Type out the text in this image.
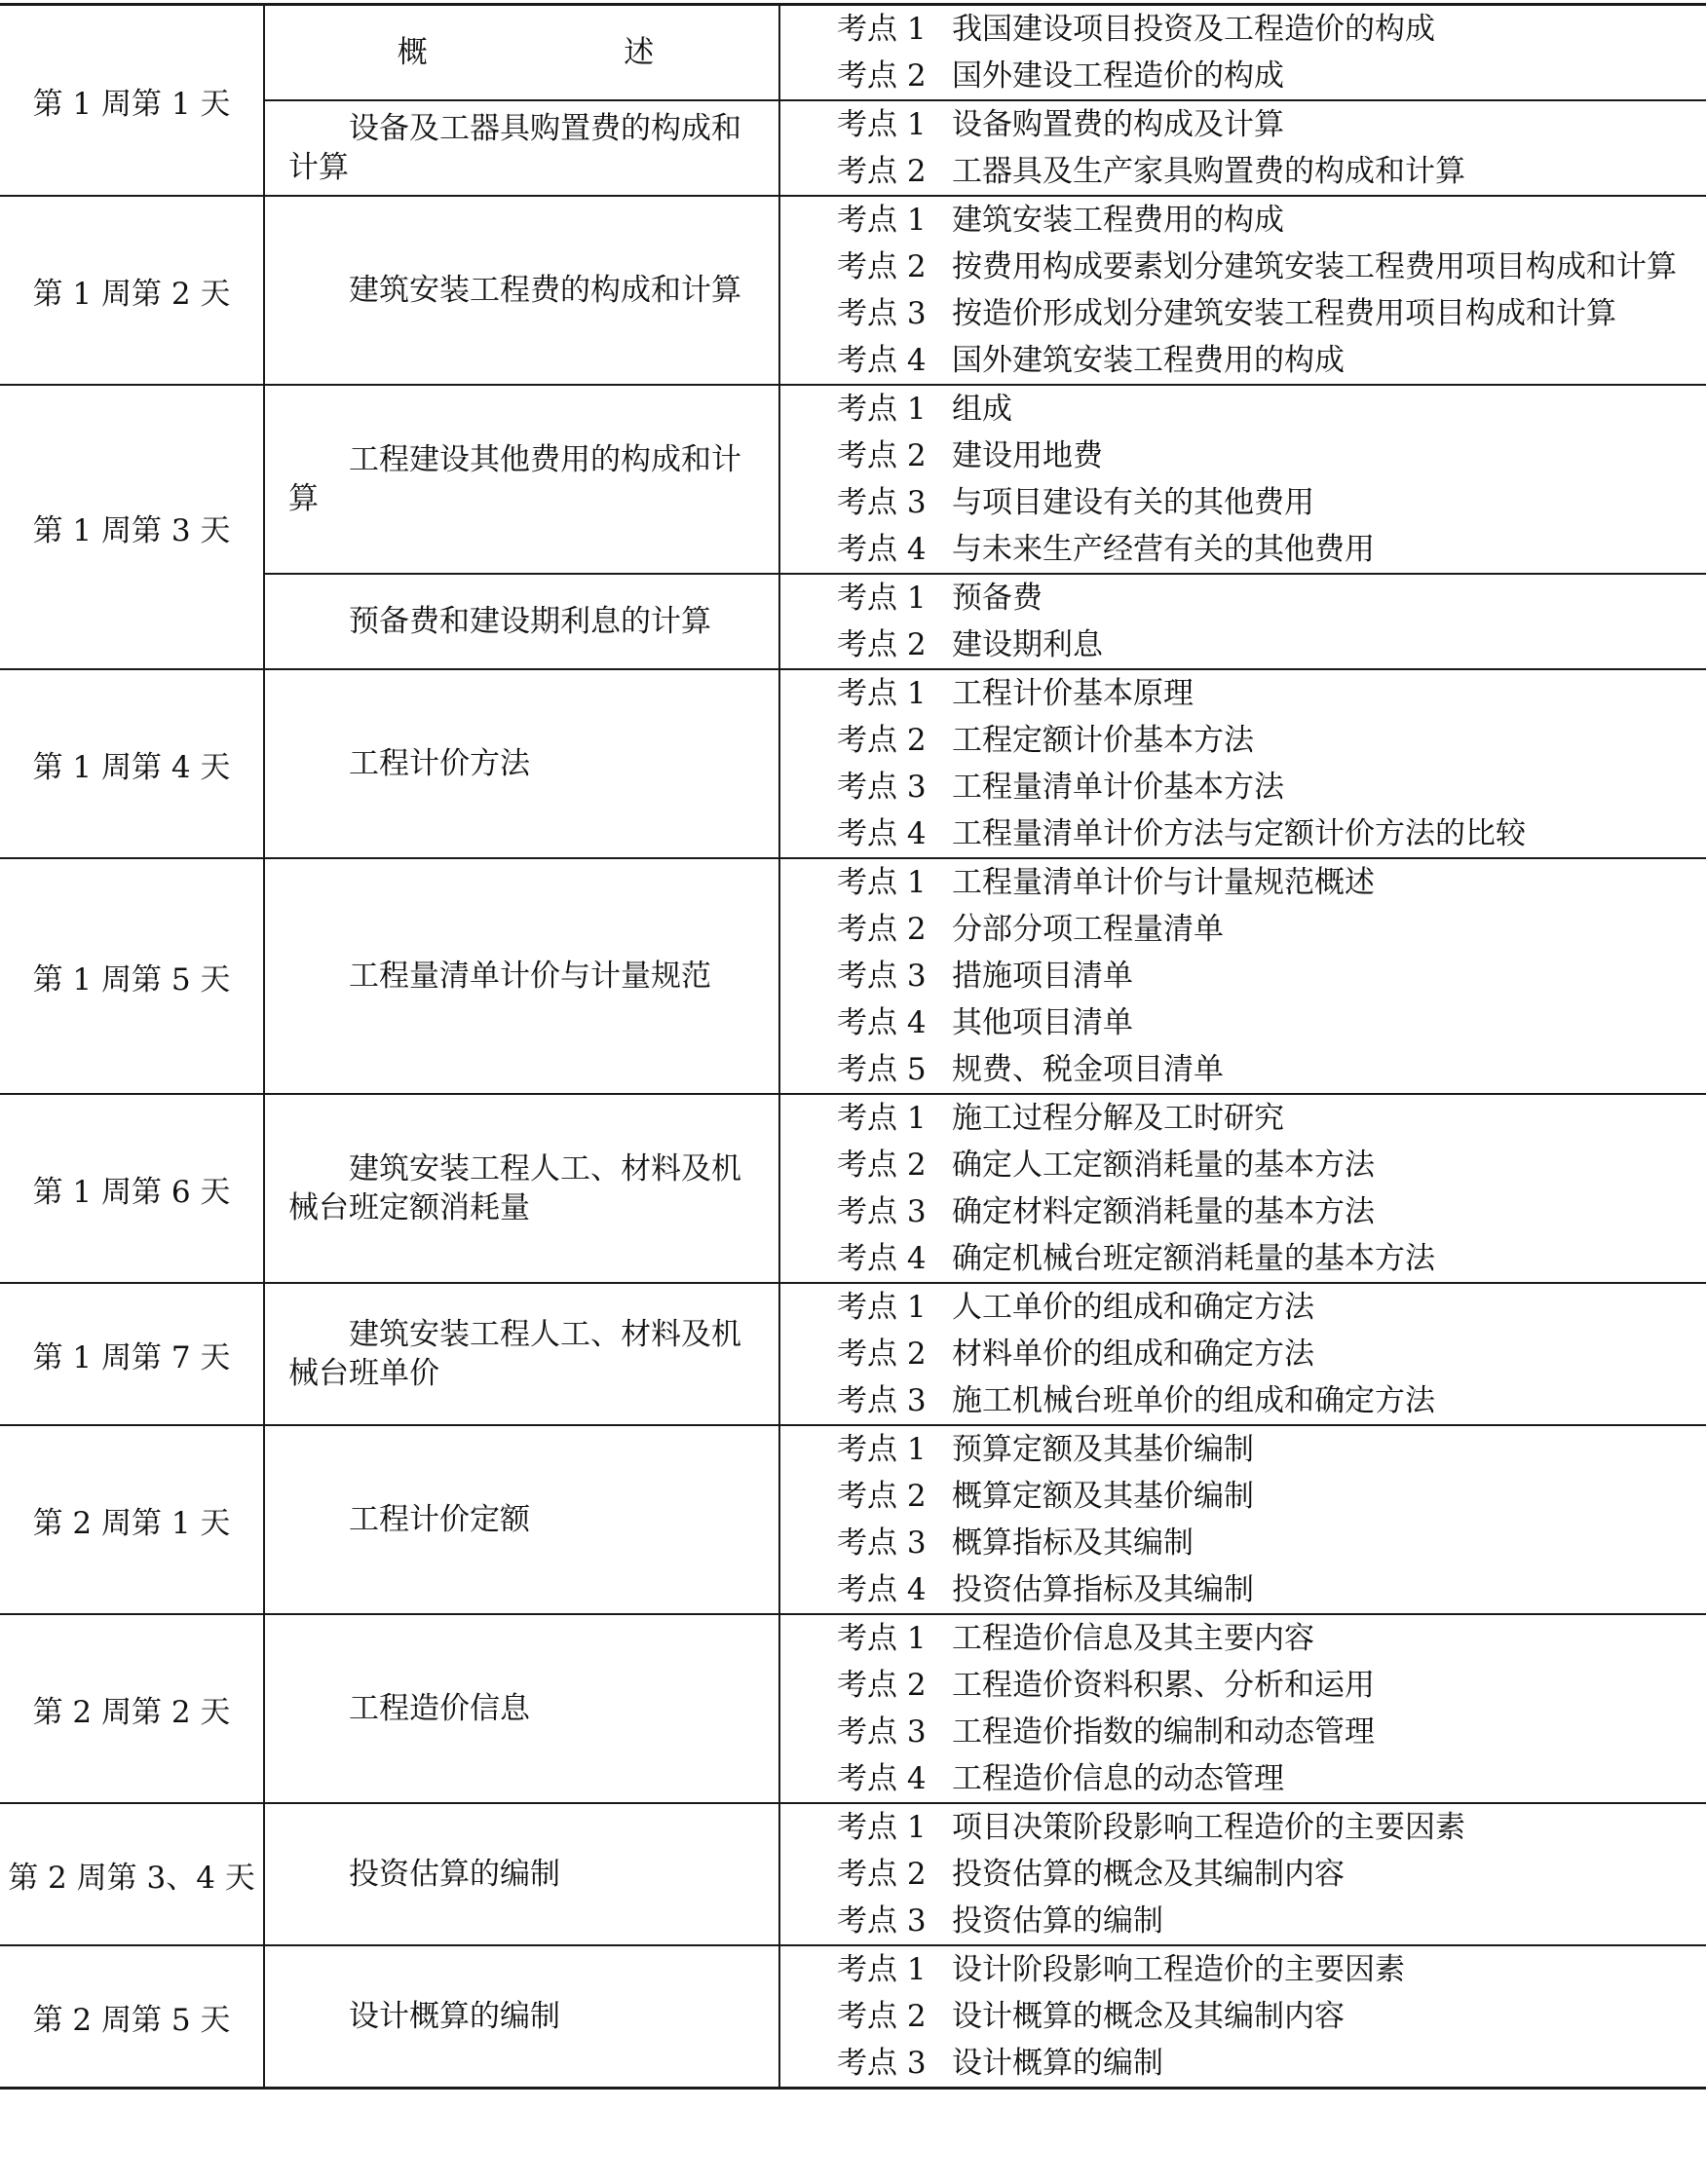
第 1 周第 1 天	概　　述	考点 1 我国建设项目投资及工程造价的构成
考点 2 国外建设工程造价的构成

	设备及工器具购置费的构成和计算	考点 1 设备购置费的构成及计算
考点 2 工器具及生产家具购置费的构成和计算

第 1 周第 2 天	建筑安装工程费的构成和计算	考点 1 建筑安装工程费用的构成
考点 2 按费用构成要素划分建筑安装工程费用项目构成和计算
考点 3 按造价形成划分建筑安装工程费用项目构成和计算
考点 4 国外建筑安装工程费用的构成

第 1 周第 3 天	工程建设其他费用的构成和计算	考点 1 组成
考点 2 建设用地费
考点 3 与项目建设有关的其他费用
考点 4 与未来生产经营有关的其他费用

	预备费和建设期利息的计算	考点 1 预备费
考点 2 建设期利息

第 1 周第 4 天	工程计价方法	考点 1 工程计价基本原理
考点 2 工程定额计价基本方法
考点 3 工程量清单计价基本方法
考点 4 工程量清单计价方法与定额计价方法的比较

第 1 周第 5 天	工程量清单计价与计量规范	考点 1 工程量清单计价与计量规范概述
考点 2 分部分项工程量清单
考点 3 措施项目清单
考点 4 其他项目清单
考点 5 规费、税金项目清单

第 1 周第 6 天	建筑安装工程人工、材料及机械台班定额消耗量	考点 1 施工过程分解及工时研究
考点 2 确定人工定额消耗量的基本方法
考点 3 确定材料定额消耗量的基本方法
考点 4 确定机械台班定额消耗量的基本方法

第 1 周第 7 天	建筑安装工程人工、材料及机械台班单价	考点 1 人工单价的组成和确定方法
考点 2 材料单价的组成和确定方法
考点 3 施工机械台班单价的组成和确定方法

第 2 周第 1 天	工程计价定额	考点 1 预算定额及其基价编制
考点 2 概算定额及其基价编制
考点 3 概算指标及其编制
考点 4 投资估算指标及其编制

第 2 周第 2 天	工程造价信息	考点 1 工程造价信息及其主要内容
考点 2 工程造价资料积累、分析和运用
考点 3 工程造价指数的编制和动态管理
考点 4 工程造价信息的动态管理

第 2 周第 3、4 天	投资估算的编制	考点 1 项目决策阶段影响工程造价的主要因素
考点 2 投资估算的概念及其编制内容
考点 3 投资估算的编制

第 2 周第 5 天	设计概算的编制	考点 1 设计阶段影响工程造价的主要因素
考点 2 设计概算的概念及其编制内容
考点 3 设计概算的编制
